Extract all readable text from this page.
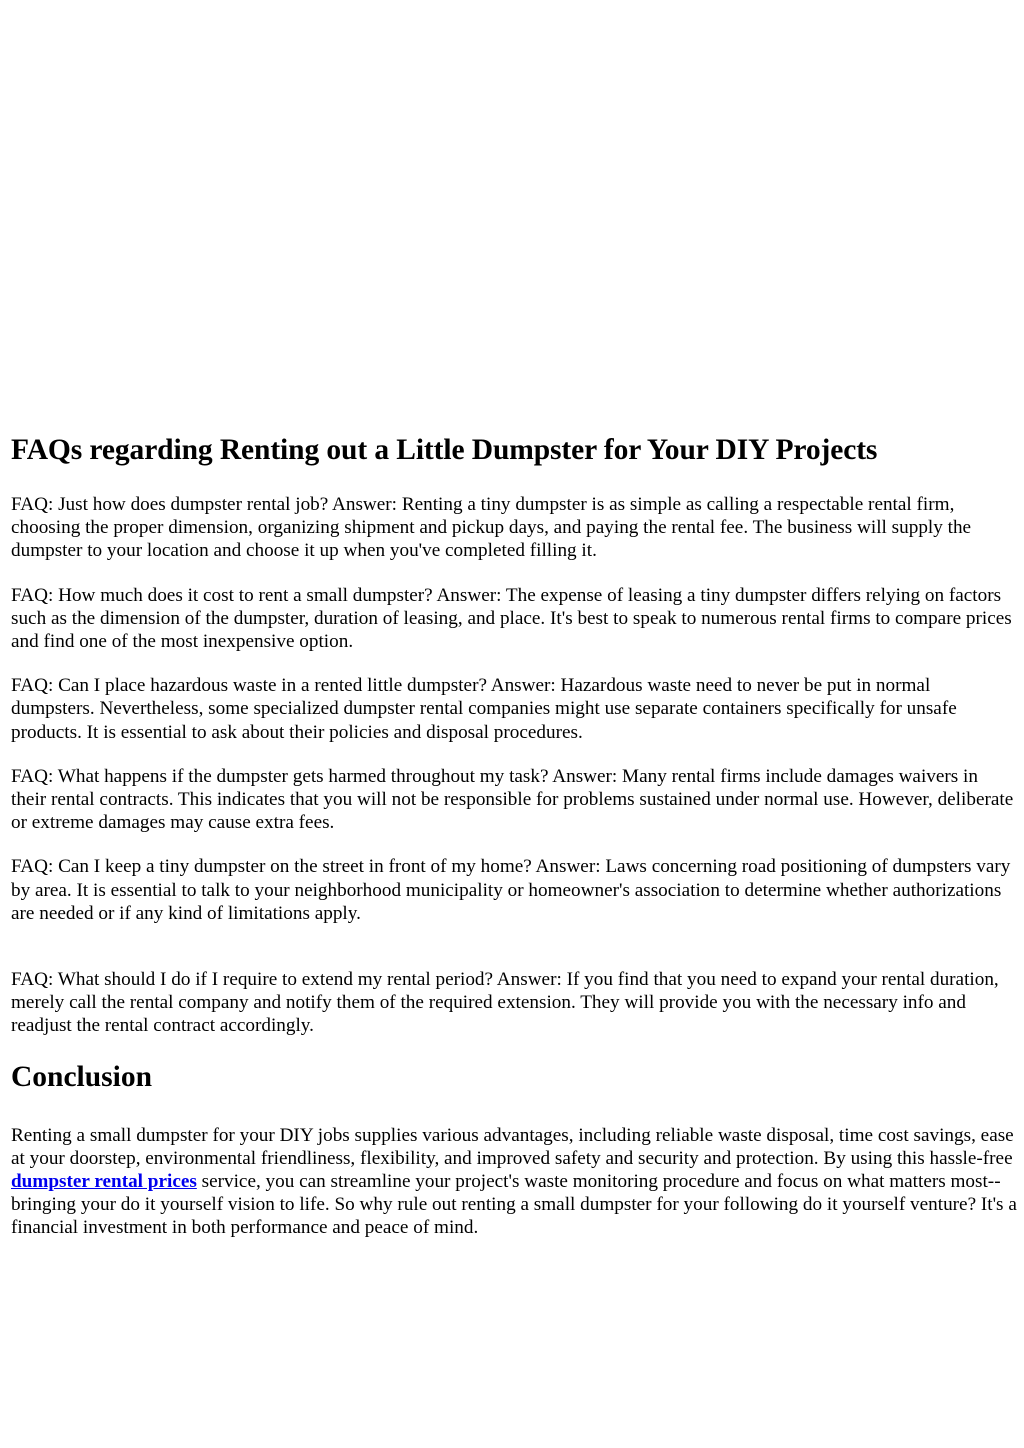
FAQs regarding Renting out a Little Dumpster for Your DIY Projects

FAQ: Just how does dumpster rental job? Answer: Renting a tiny dumpster is as simple as calling a respectable rental firm, choosing the proper dimension, organizing shipment and pickup days, and paying the rental fee. The business will supply the dumpster to your location and choose it up when you've completed filling it.

FAQ: How much does it cost to rent a small dumpster? Answer: The expense of leasing a tiny dumpster differs relying on factors such as the dimension of the dumpster, duration of leasing, and place. It's best to speak to numerous rental firms to compare prices and find one of the most inexpensive option.

FAQ: Can I place hazardous waste in a rented little dumpster? Answer: Hazardous waste need to never be put in normal dumpsters. Nevertheless, some specialized dumpster rental companies might use separate containers specifically for unsafe products. It is essential to ask about their policies and disposal procedures.

FAQ: What happens if the dumpster gets harmed throughout my task? Answer: Many rental firms include damages waivers in their rental contracts. This indicates that you will not be responsible for problems sustained under normal use. However, deliberate or extreme damages may cause extra fees.

FAQ: Can I keep a tiny dumpster on the street in front of my home? Answer: Laws concerning road positioning of dumpsters vary by area. It is essential to talk to your neighborhood municipality or homeowner's association to determine whether authorizations are needed or if any kind of limitations apply.

FAQ: What should I do if I require to extend my rental period? Answer: If you find that you need to expand your rental duration, merely call the rental company and notify them of the required extension. They will provide you with the necessary info and readjust the rental contract accordingly.

Conclusion

Renting a small dumpster for your DIY jobs supplies various advantages, including reliable waste disposal, time cost savings, ease at your doorstep, environmental friendliness, flexibility, and improved safety and security and protection. By using this hassle-free dumpster rental prices service, you can streamline your project's waste monitoring procedure and focus on what matters most-- bringing your do it yourself vision to life. So why rule out renting a small dumpster for your following do it yourself venture? It's a financial investment in both performance and peace of mind.
